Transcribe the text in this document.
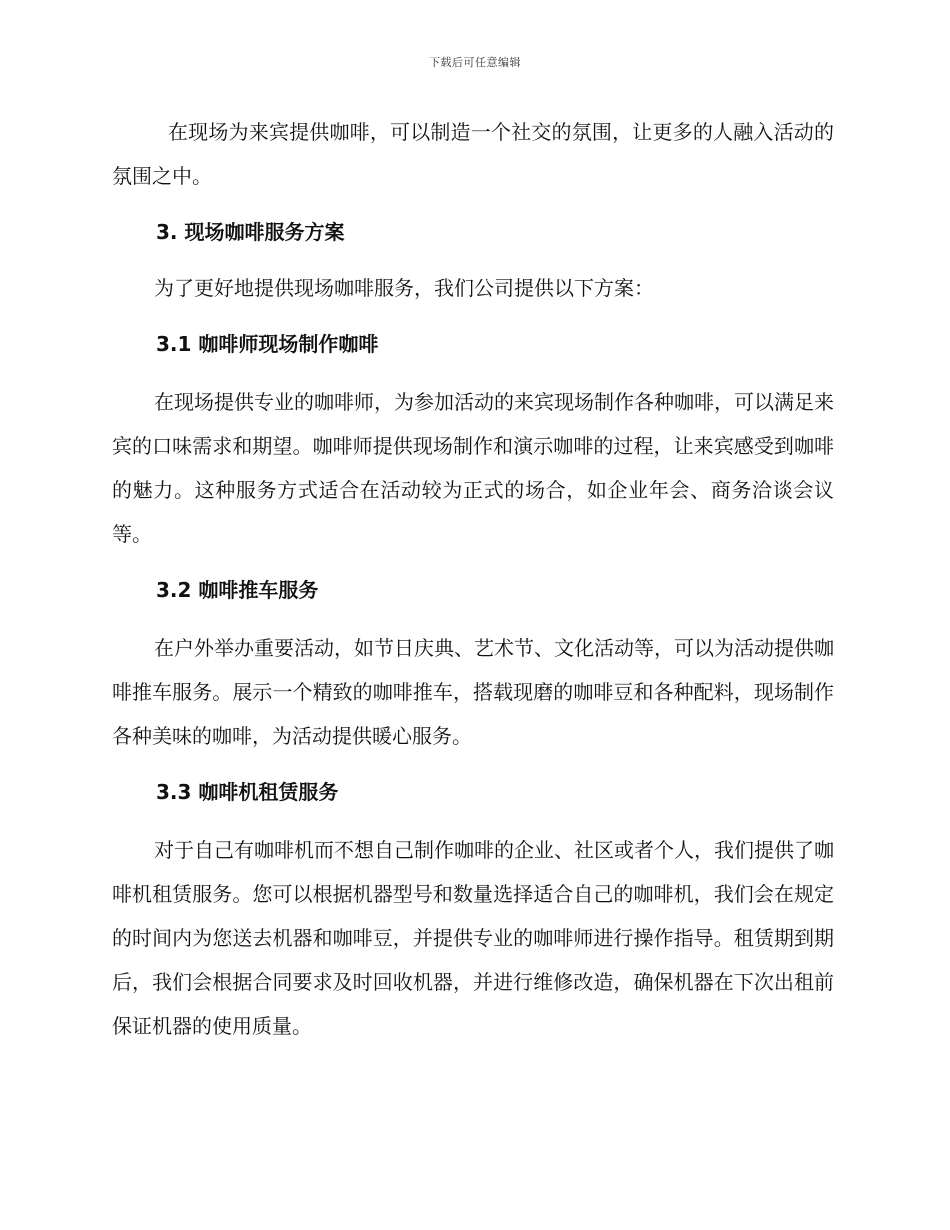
下载后可任意编辑

在现场为来宾提供咖啡，可以制造一个社交的氛围，让更多的人融入活动的氛围之中。

3. 现场咖啡服务方案

为了更好地提供现场咖啡服务，我们公司提供以下方案：

3.1 咖啡师现场制作咖啡

在现场提供专业的咖啡师，为参加活动的来宾现场制作各种咖啡，可以满足来宾的口味需求和期望。咖啡师提供现场制作和演示咖啡的过程，让来宾感受到咖啡的魅力。这种服务方式适合在活动较为正式的场合，如企业年会、商务洽谈会议等。

3.2 咖啡推车服务

在户外举办重要活动，如节日庆典、艺术节、文化活动等，可以为活动提供咖啡推车服务。展示一个精致的咖啡推车，搭载现磨的咖啡豆和各种配料，现场制作各种美味的咖啡，为活动提供暖心服务。

3.3 咖啡机租赁服务

对于自己有咖啡机而不想自己制作咖啡的企业、社区或者个人，我们提供了咖啡机租赁服务。您可以根据机器型号和数量选择适合自己的咖啡机，我们会在规定的时间内为您送去机器和咖啡豆，并提供专业的咖啡师进行操作指导。租赁期到期后，我们会根据合同要求及时回收机器，并进行维修改造，确保机器在下次出租前保证机器的使用质量。
